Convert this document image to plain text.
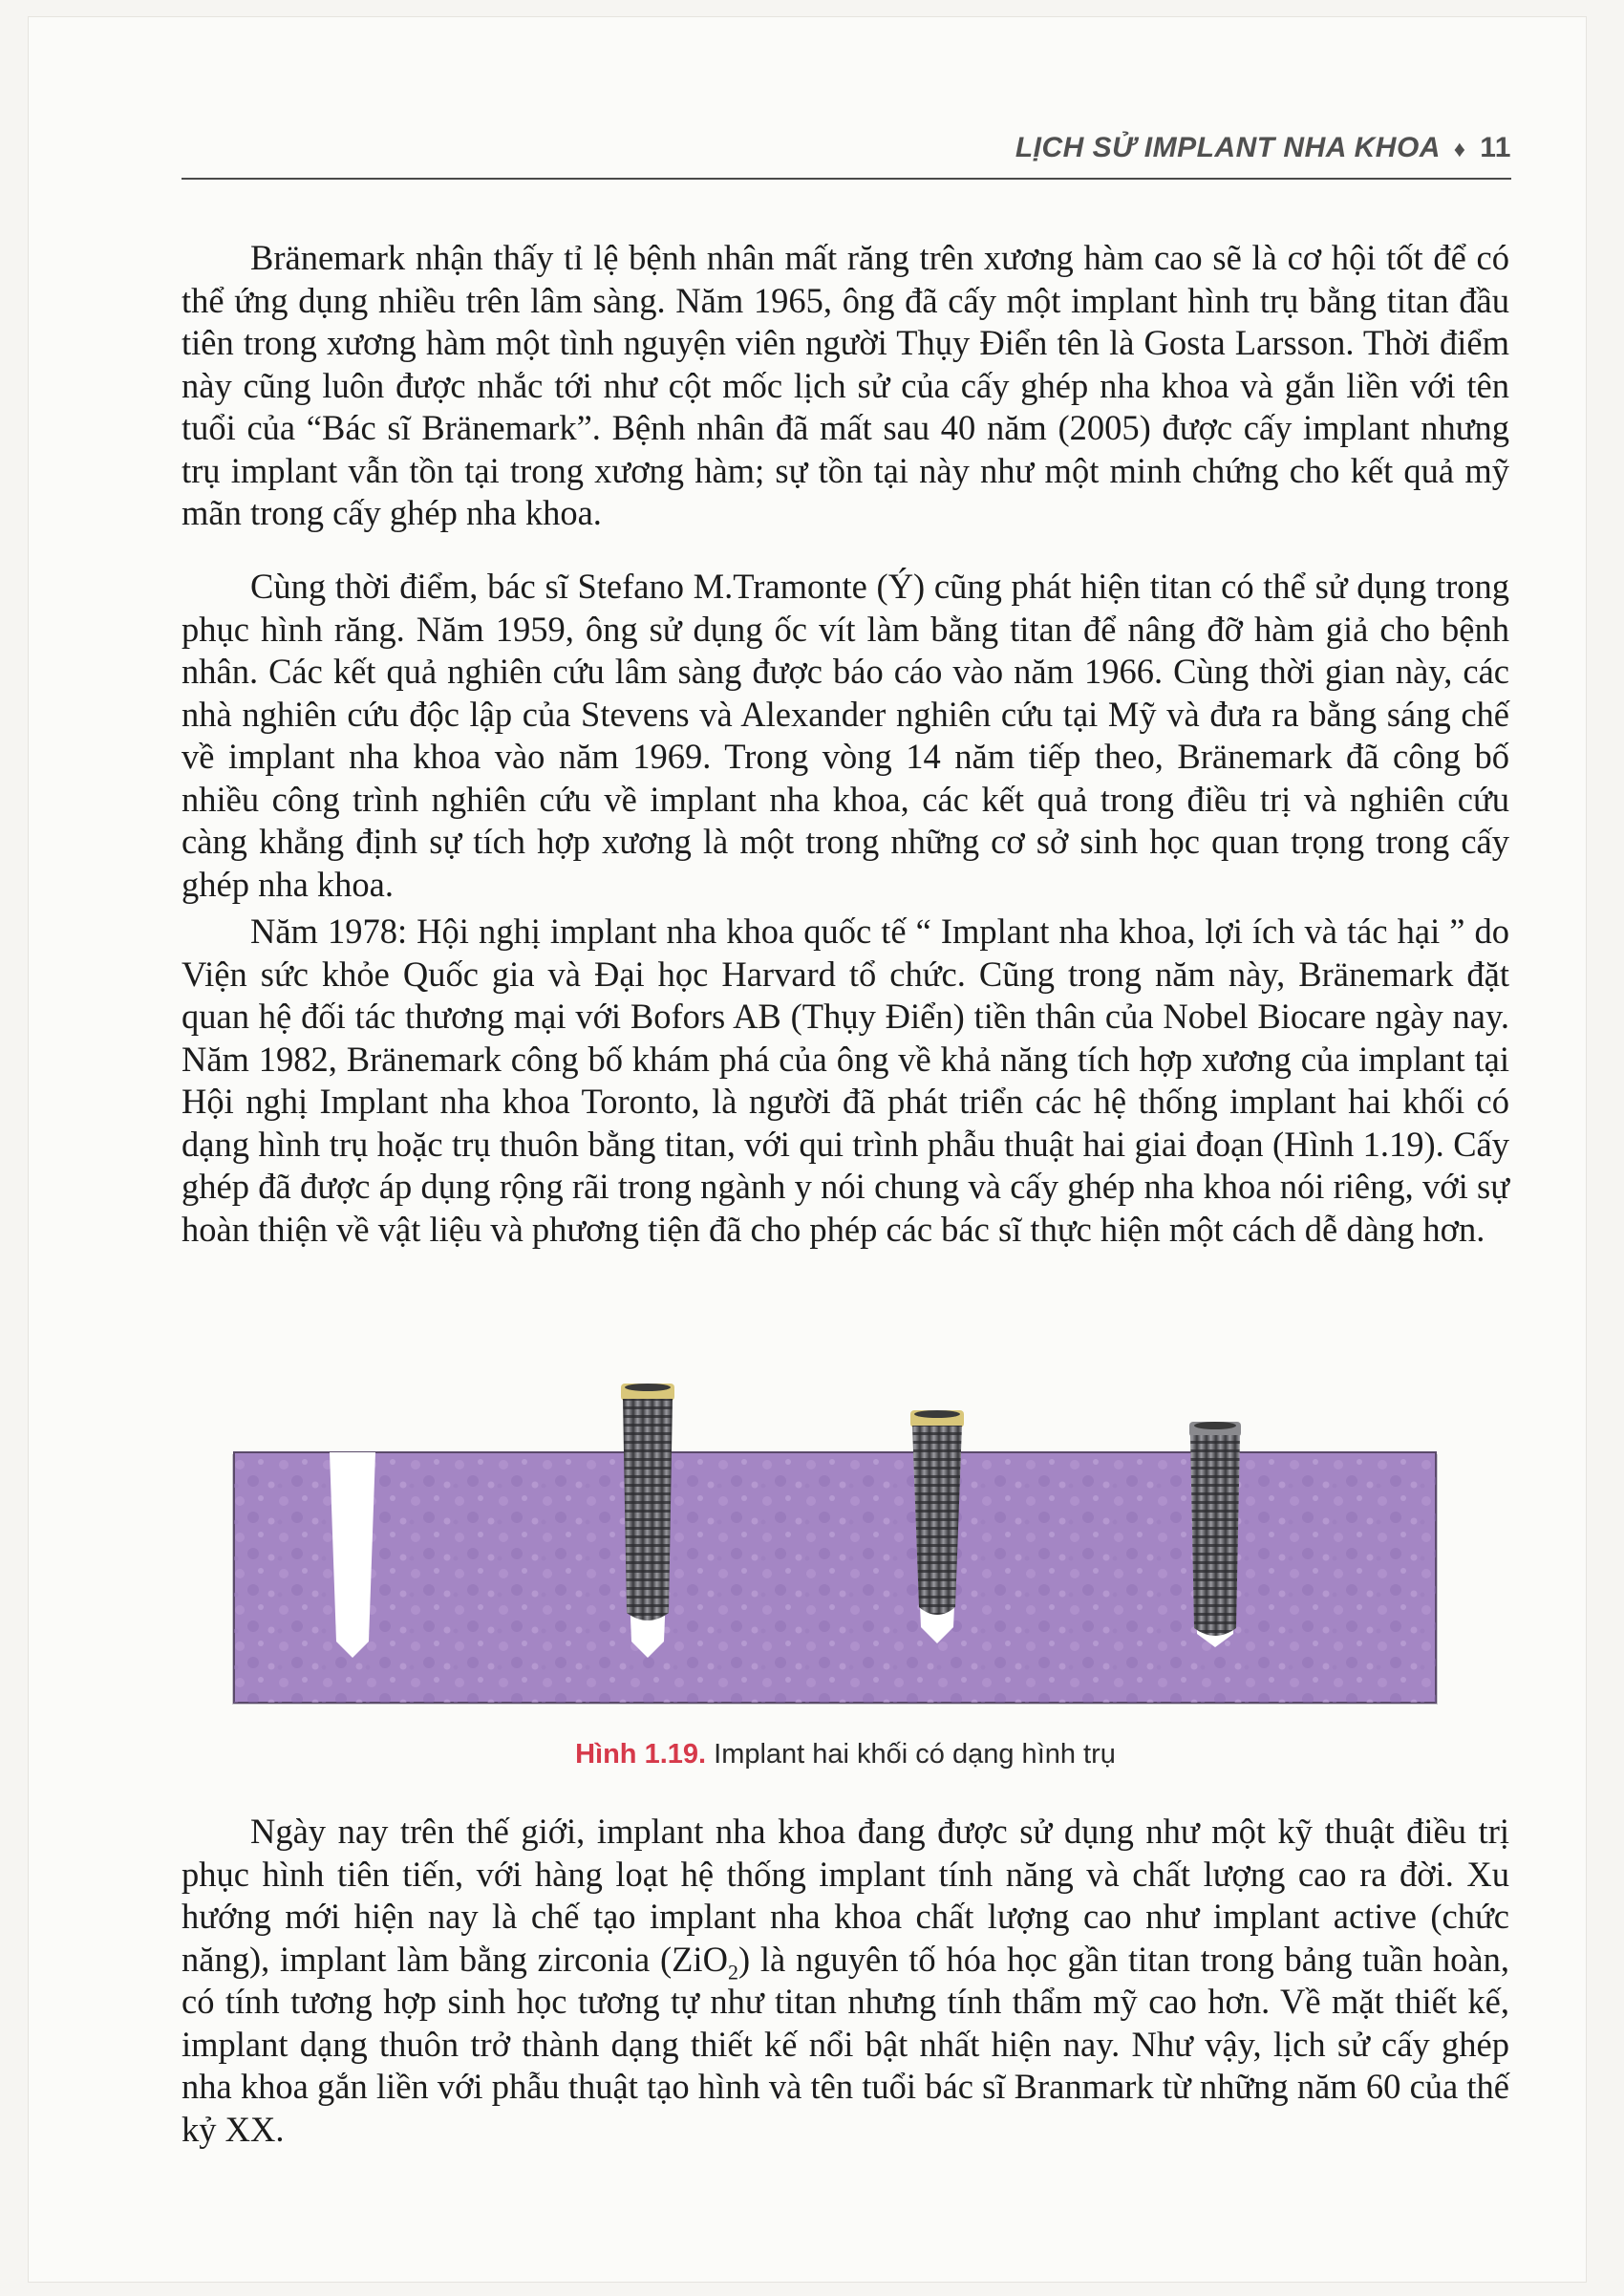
LỊCH SỬ IMPLANT NHA KHOA ♦ 11

Bränemark nhận thấy tỉ lệ bệnh nhân mất răng trên xương hàm cao sẽ là cơ hội tốt để có thể ứng dụng nhiều trên lâm sàng. Năm 1965, ông đã cấy một implant hình trụ bằng titan đầu tiên trong xương hàm một tình nguyện viên người Thụy Điển tên là Gosta Larsson. Thời điểm này cũng luôn được nhắc tới như cột mốc lịch sử của cấy ghép nha khoa và gắn liền với tên tuổi của “Bác sĩ Bränemark”. Bệnh nhân đã mất sau 40 năm (2005) được cấy implant nhưng trụ implant vẫn tồn tại trong xương hàm; sự tồn tại này như một minh chứng cho kết quả mỹ mãn trong cấy ghép nha khoa.

Cùng thời điểm, bác sĩ Stefano M.Tramonte (Ý) cũng phát hiện titan có thể sử dụng trong phục hình răng. Năm 1959, ông sử dụng ốc vít làm bằng titan để nâng đỡ hàm giả cho bệnh nhân. Các kết quả nghiên cứu lâm sàng được báo cáo vào năm 1966. Cùng thời gian này, các nhà nghiên cứu độc lập của Stevens và Alexander nghiên cứu tại Mỹ và đưa ra bằng sáng chế về implant nha khoa vào năm 1969. Trong vòng 14 năm tiếp theo, Bränemark đã công bố nhiều công trình nghiên cứu về implant nha khoa, các kết quả trong điều trị và nghiên cứu càng khẳng định sự tích hợp xương là một trong những cơ sở sinh học quan trọng trong cấy ghép nha khoa.

Năm 1978: Hội nghị implant nha khoa quốc tế “ Implant nha khoa, lợi ích và tác hại ” do Viện sức khỏe Quốc gia và Đại học Harvard tổ chức. Cũng trong năm này, Bränemark đặt quan hệ đối tác thương mại với Bofors AB (Thụy Điển) tiền thân của Nobel Biocare ngày nay. Năm 1982, Bränemark công bố khám phá của ông về khả năng tích hợp xương của implant tại Hội nghị Implant nha khoa Toronto, là người đã phát triển các hệ thống implant hai khối có dạng hình trụ hoặc trụ thuôn bằng titan, với qui trình phẫu thuật hai giai đoạn (Hình 1.19). Cấy ghép đã được áp dụng rộng rãi trong ngành y nói chung và cấy ghép nha khoa nói riêng, với sự hoàn thiện về vật liệu và phương tiện đã cho phép các bác sĩ thực hiện một cách dễ dàng hơn.

Hình 1.19. Implant hai khối có dạng hình trụ

Ngày nay trên thế giới, implant nha khoa đang được sử dụng như một kỹ thuật điều trị phục hình tiên tiến, với hàng loạt hệ thống implant tính năng và chất lượng cao ra đời. Xu hướng mới hiện nay là chế tạo implant nha khoa chất lượng cao như implant active (chức năng), implant làm bằng zirconia (ZiO$_2$) là nguyên tố hóa học gần titan trong bảng tuần hoàn, có tính tương hợp sinh học tương tự như titan nhưng tính thẩm mỹ cao hơn. Về mặt thiết kế, implant dạng thuôn trở thành dạng thiết kế nổi bật nhất hiện nay. Như vậy, lịch sử cấy ghép nha khoa gắn liền với phẫu thuật tạo hình và tên tuổi bác sĩ Branmark từ những năm 60 của thế kỷ XX.
